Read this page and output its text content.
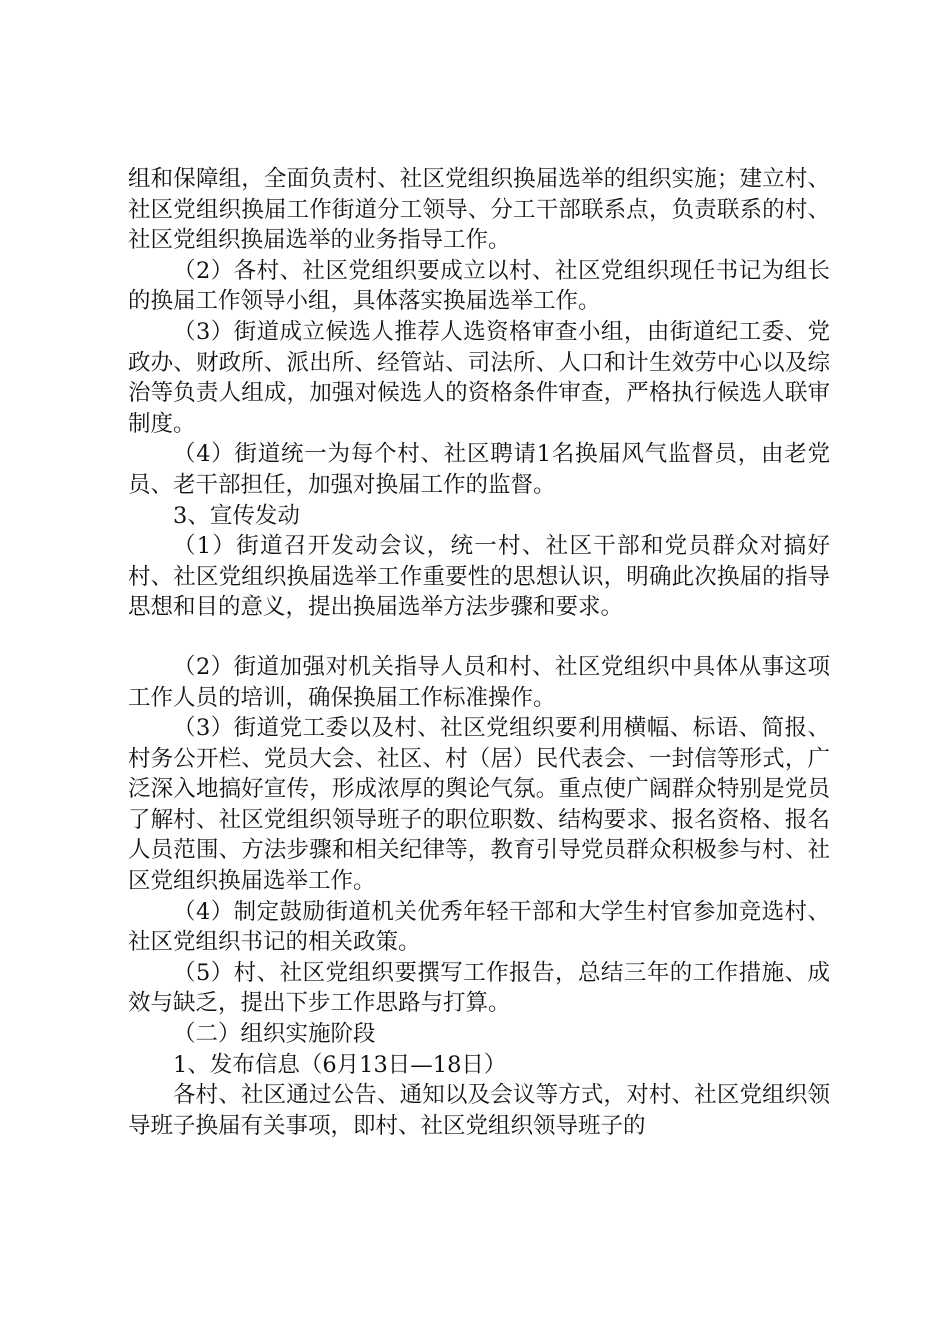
组和保障组，全面负责村、社区党组织换届选举的组织实施；建立村、社区党组织换届工作街道分工领导、分工干部联系点，负责联系的村、社区党组织换届选举的业务指导工作。

（2）各村、社区党组织要成立以村、社区党组织现任书记为组长的换届工作领导小组，具体落实换届选举工作。

（3）街道成立候选人推荐人选资格审查小组，由街道纪工委、党政办、财政所、派出所、经管站、司法所、人口和计生效劳中心以及综治等负责人组成，加强对候选人的资格条件审查，严格执行候选人联审制度。

（4）街道统一为每个村、社区聘请1名换届风气监督员，由老党员、老干部担任，加强对换届工作的监督。

3、宣传发动

（1）街道召开发动会议，统一村、社区干部和党员群众对搞好村、社区党组织换届选举工作重要性的思想认识，明确此次换届的指导思想和目的意义，提出换届选举方法步骤和要求。

（2）街道加强对机关指导人员和村、社区党组织中具体从事这项工作人员的培训，确保换届工作标准操作。

（3）街道党工委以及村、社区党组织要利用横幅、标语、简报、村务公开栏、党员大会、社区、村（居）民代表会、一封信等形式，广泛深入地搞好宣传，形成浓厚的舆论气氛。重点使广阔群众特别是党员了解村、社区党组织领导班子的职位职数、结构要求、报名资格、报名人员范围、方法步骤和相关纪律等，教育引导党员群众积极参与村、社区党组织换届选举工作。

（4）制定鼓励街道机关优秀年轻干部和大学生村官参加竞选村、社区党组织书记的相关政策。

（5）村、社区党组织要撰写工作报告，总结三年的工作措施、成效与缺乏，提出下步工作思路与打算。

（二）组织实施阶段

1、发布信息（6月13日—18日）

各村、社区通过公告、通知以及会议等方式，对村、社区党组织领导班子换届有关事项，即村、社区党组织领导班子的
